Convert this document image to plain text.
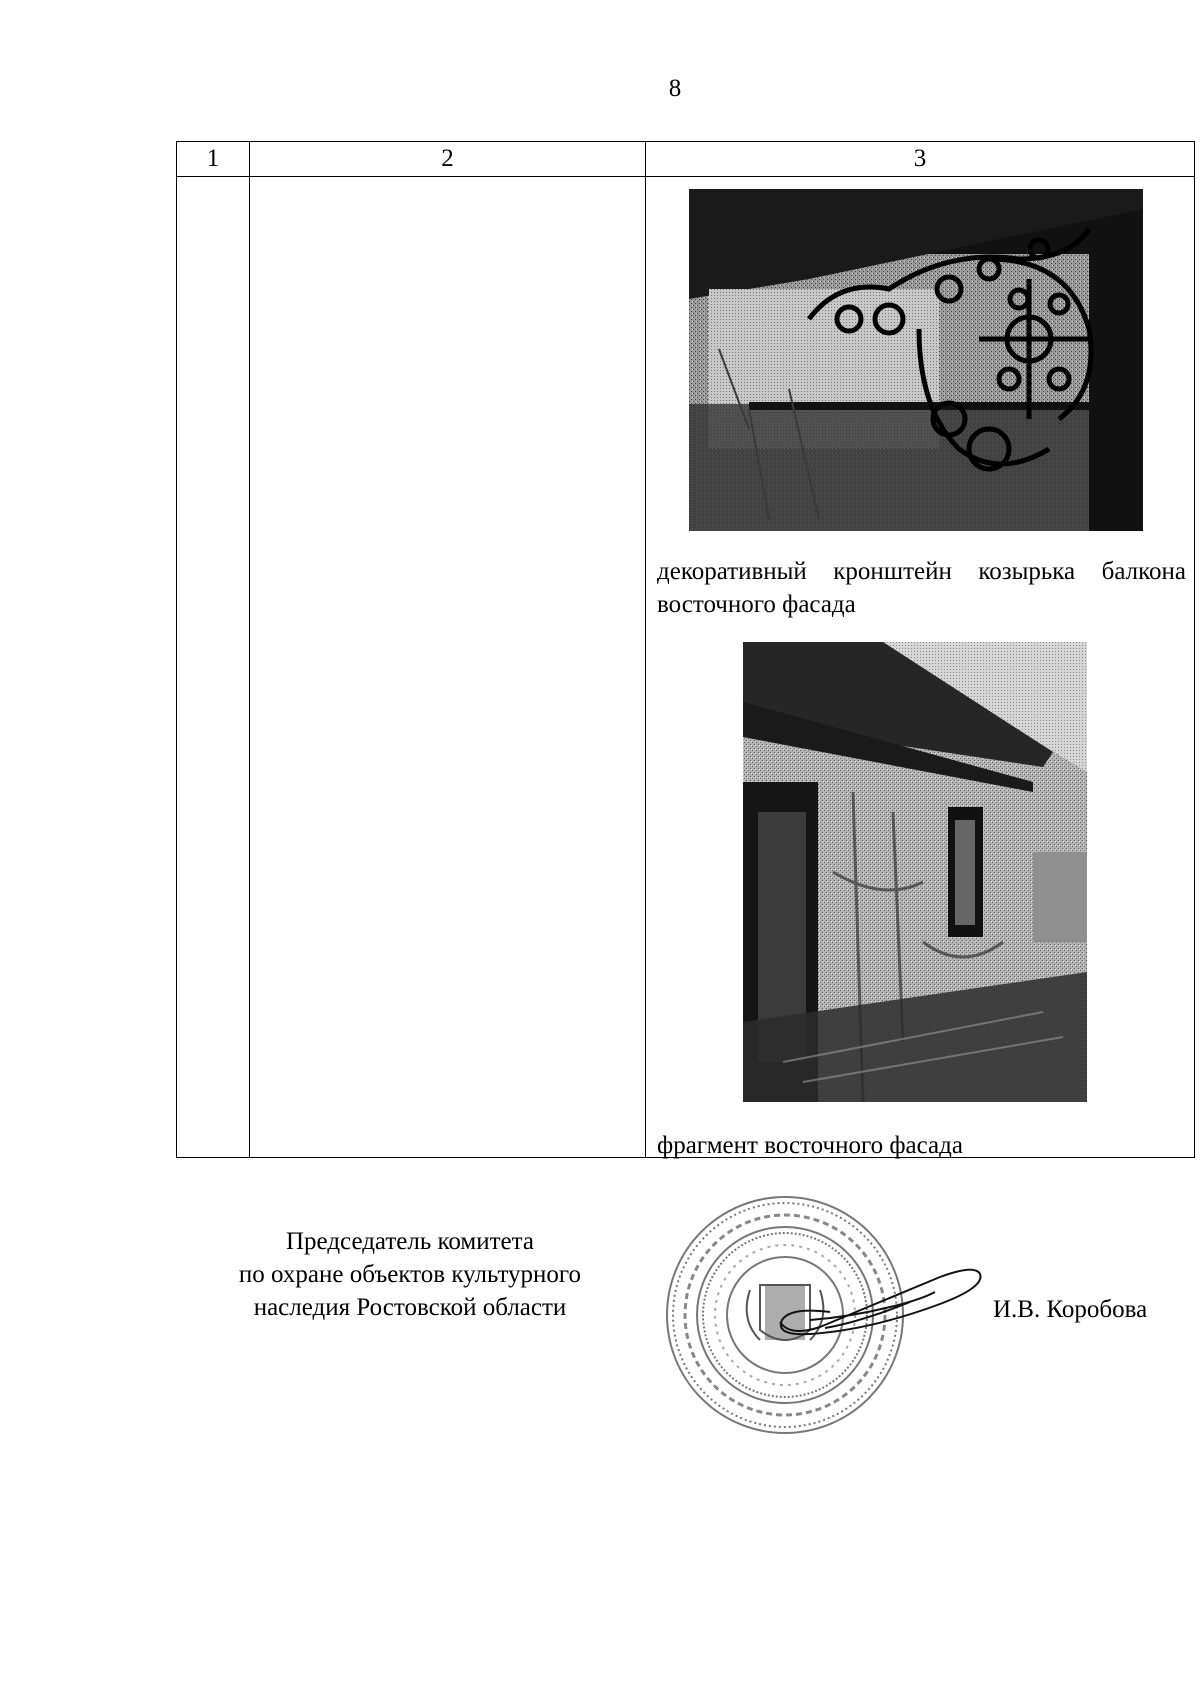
8
1	2	3

		декоративный кронштейн козырька балкона восточного фасада
фрагмент восточного фасада
Председатель комитета
по охране объектов культурного
наследия Ростовской области	И.В. Коробова
